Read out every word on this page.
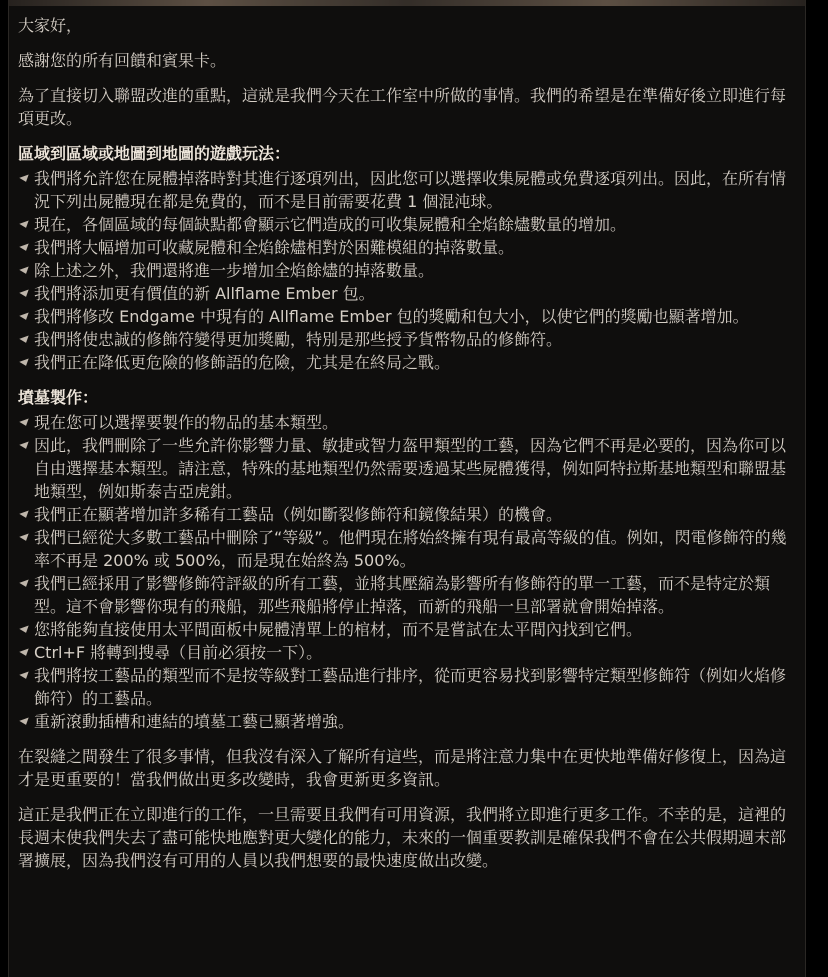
大家好，

感謝您的所有回饋和賓果卡。

為了直接切入聯盟改進的重點，這就是我們今天在工作室中所做的事情。我們的希望是在準備好後立即進行每項更改。

區域到區域或地圖到地圖的遊戲玩法：
我們將允許您在屍體掉落時對其進行逐項列出，因此您可以選擇收集屍體或免費逐項列出。因此，在所有情況下列出屍體現在都是免費的，而不是目前需要花費 1 個混沌球。
現在，各個區域的每個缺點都會顯示它們造成的可收集屍體和全焰餘燼數量的增加。
我們將大幅增加可收藏屍體和全焰餘燼相對於困難模組的掉落數量。
除上述之外，我們還將進一步增加全焰餘燼的掉落數量。
我們將添加更有價值的新 Allflame Ember 包。
我們將修改 Endgame 中現有的 Allflame Ember 包的獎勵和包大小，以使它們的獎勵也顯著增加。
我們將使忠誠的修飾符變得更加獎勵，特別是那些授予貨幣物品的修飾符。
我們正在降低更危險的修飾語的危險，尤其是在終局之戰。
墳墓製作：
現在您可以選擇要製作的物品的基本類型。
因此，我們刪除了一些允許你影響力量、敏捷或智力盔甲類型的工藝，因為它們不再是必要的，因為你可以自由選擇基本類型。請注意，特殊的基地類型仍然需要透過某些屍體獲得，例如阿特拉斯基地類型和聯盟基地類型，例如斯泰吉亞虎鉗。
我們正在顯著增加許多稀有工藝品（例如斷裂修飾符和鏡像結果）的機會。
我們已經從大多數工藝品中刪除了“等級”。他們現在將始終擁有現有最高等級的值。例如，閃電修飾符的幾率不再是 200% 或 500%，而是現在始終為 500%。
我們已經採用了影響修飾符評級的所有工藝，並將其壓縮為影響所有修飾符的單一工藝，而不是特定於類型。這不會影響你現有的飛船，那些飛船將停止掉落，而新的飛船一旦部署就會開始掉落。
您將能夠直接使用太平間面板中屍體清單上的棺材，而不是嘗試在太平間內找到它們。
Ctrl+F 將轉到搜尋（目前必須按一下）。
我們將按工藝品的類型而不是按等級對工藝品進行排序，從而更容易找到影響特定類型修飾符（例如火焰修飾符）的工藝品。
重新滾動插槽和連結的墳墓工藝已顯著增強。

在裂縫之間發生了很多事情，但我沒有深入了解所有這些，而是將注意力集中在更快地準備好修復上，因為這才是更重要的！當我們做出更多改變時，我會更新更多資訊。

這正是我們正在立即進行的工作，一旦需要且我們有可用資源，我們將立即進行更多工作。不幸的是，這裡的長週末使我們失去了盡可能快地應對更大變化的能力，未來的一個重要教訓是確保我們不會在公共假期週末部署擴展，因為我們沒有可用的人員以我們想要的最快速度做出改變。
